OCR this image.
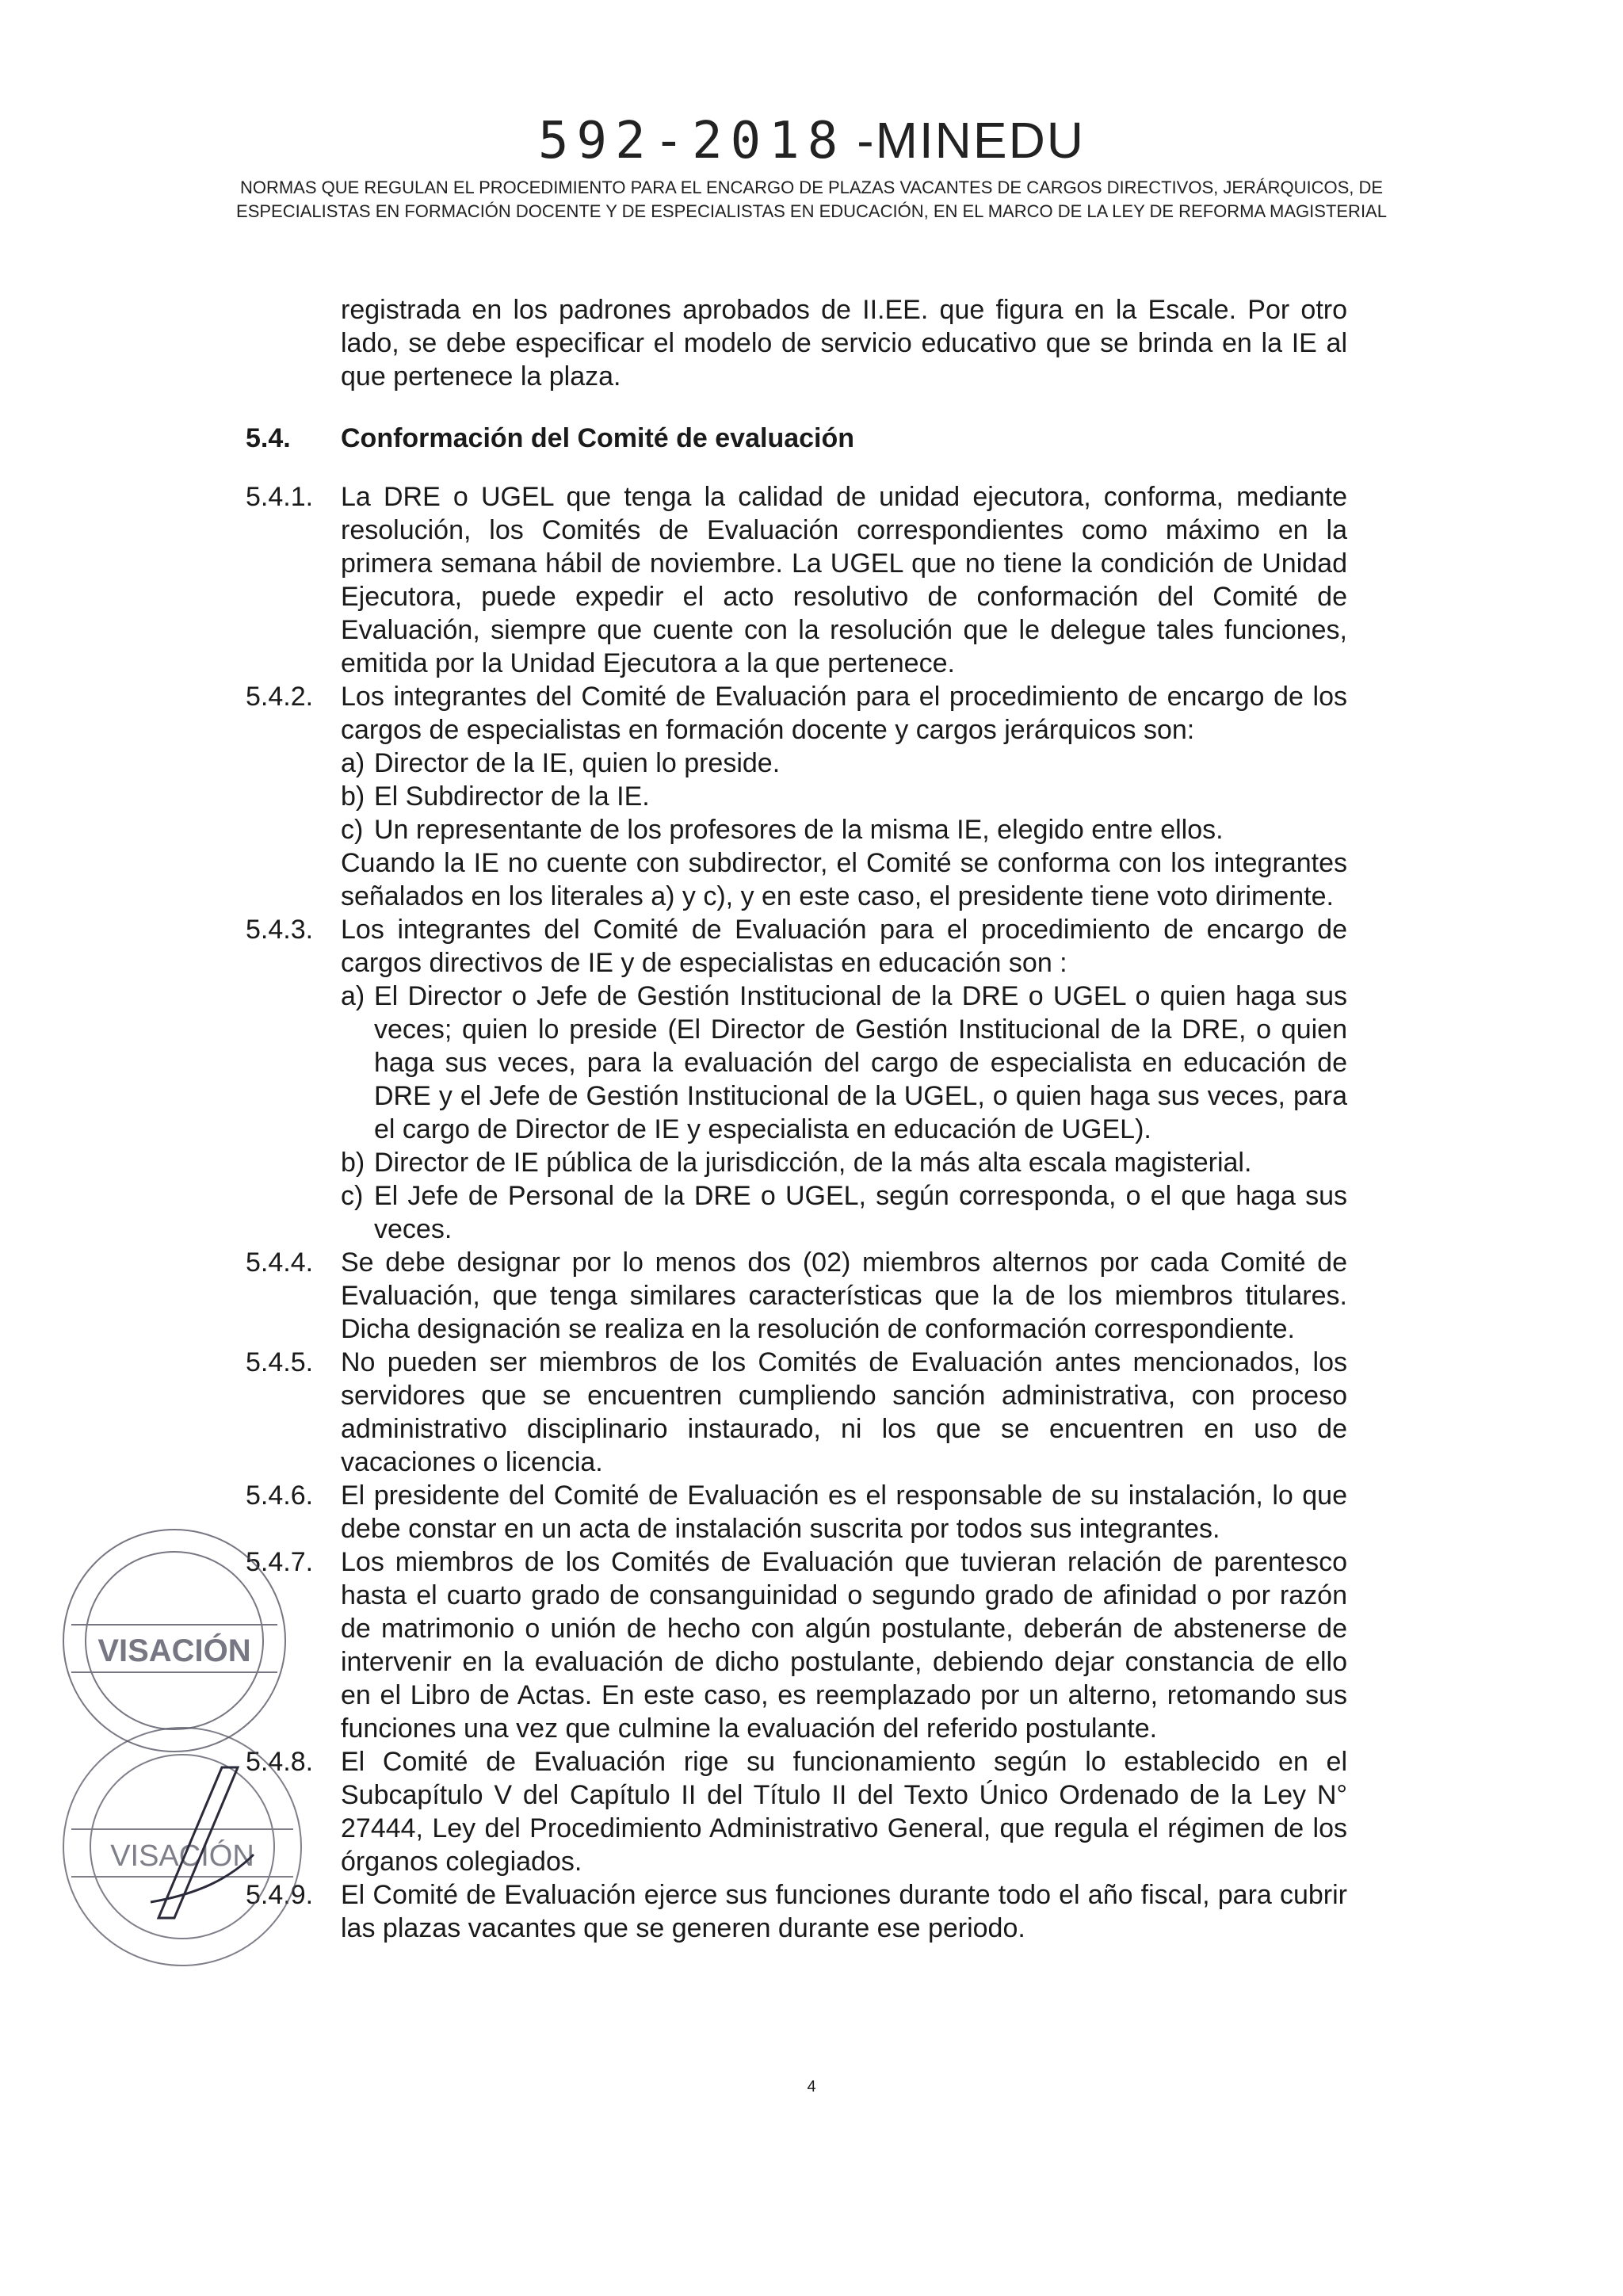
592-2018 -MINEDU
NORMAS QUE REGULAN EL PROCEDIMIENTO PARA EL ENCARGO DE PLAZAS VACANTES DE CARGOS DIRECTIVOS, JERÁRQUICOS, DE ESPECIALISTAS EN FORMACIÓN DOCENTE Y DE ESPECIALISTAS EN EDUCACIÓN, EN EL MARCO DE LA LEY DE REFORMA MAGISTERIAL

registrada en los padrones aprobados de II.EE. que figura en la Escale. Por otro lado, se debe especificar el modelo de servicio educativo que se brinda en la IE al que pertenece la plaza.

5.4.	Conformación del Comité de evaluación
5.4.1.	La DRE o UGEL que tenga la calidad de unidad ejecutora, conforma, mediante resolución, los Comités de Evaluación correspondientes como máximo en la primera semana hábil de noviembre. La UGEL que no tiene la condición de Unidad Ejecutora, puede expedir el acto resolutivo de conformación del Comité de Evaluación, siempre que cuente con la resolución que le delegue tales funciones, emitida por la Unidad Ejecutora a la que pertenece.

5.4.2.	Los integrantes del Comité de Evaluación para el procedimiento de encargo de los cargos de especialistas en formación docente y cargos jerárquicos son:

a) Director de la IE, quien lo preside.
b) El Subdirector de la IE.
c) Un representante de los profesores de la misma IE, elegido entre ellos.

Cuando la IE no cuente con subdirector, el Comité se conforma con los integrantes señalados en los literales a) y c), y en este caso, el presidente tiene voto dirimente.

5.4.3.	Los integrantes del Comité de Evaluación para el procedimiento de encargo de cargos directivos de IE y de especialistas en educación son :

a) El Director o Jefe de Gestión Institucional de la DRE o UGEL o quien haga sus veces; quien lo preside (El Director de Gestión Institucional de la DRE, o quien haga sus veces, para la evaluación del cargo de especialista en educación de DRE y el Jefe de Gestión Institucional de la UGEL, o quien haga sus veces, para el cargo de Director de IE y especialista en educación de UGEL).
b) Director de IE pública de la jurisdicción, de la más alta escala magisterial.
c) El Jefe de Personal de la DRE o UGEL, según corresponda, o el que haga sus veces.
5.4.4.	Se debe designar por lo menos dos (02) miembros alternos por cada Comité de Evaluación, que tenga similares características que la de los miembros titulares. Dicha designación se realiza en la resolución de conformación correspondiente.

5.4.5.	No pueden ser miembros de los Comités de Evaluación antes mencionados, los servidores que se encuentren cumpliendo sanción administrativa, con proceso administrativo disciplinario instaurado, ni los que se encuentren en uso de vacaciones o licencia.

5.4.6.	El presidente del Comité de Evaluación es el responsable de su instalación, lo que debe constar en un acta de instalación suscrita por todos sus integrantes.

5.4.7.	Los miembros de los Comités de Evaluación que tuvieran relación de parentesco hasta el cuarto grado de consanguinidad o segundo grado de afinidad o por razón de matrimonio o unión de hecho con algún postulante, deberán de abstenerse de intervenir en la evaluación de dicho postulante, debiendo dejar constancia de ello en el Libro de Actas. En este caso, es reemplazado por un alterno, retomando sus funciones una vez que culmine la evaluación del referido postulante.

5.4.8.	El Comité de Evaluación rige su funcionamiento según lo establecido en el Subcapítulo V del Capítulo II del Título II del Texto Único Ordenado de la Ley N° 27444, Ley del Procedimiento Administrativo General, que regula el régimen de los órganos colegiados.

5.4.9.	El Comité de Evaluación ejerce sus funciones durante todo el año fiscal, para cubrir las plazas vacantes que se generen durante ese periodo.

4
VISACIÓN
VISACIÓN
